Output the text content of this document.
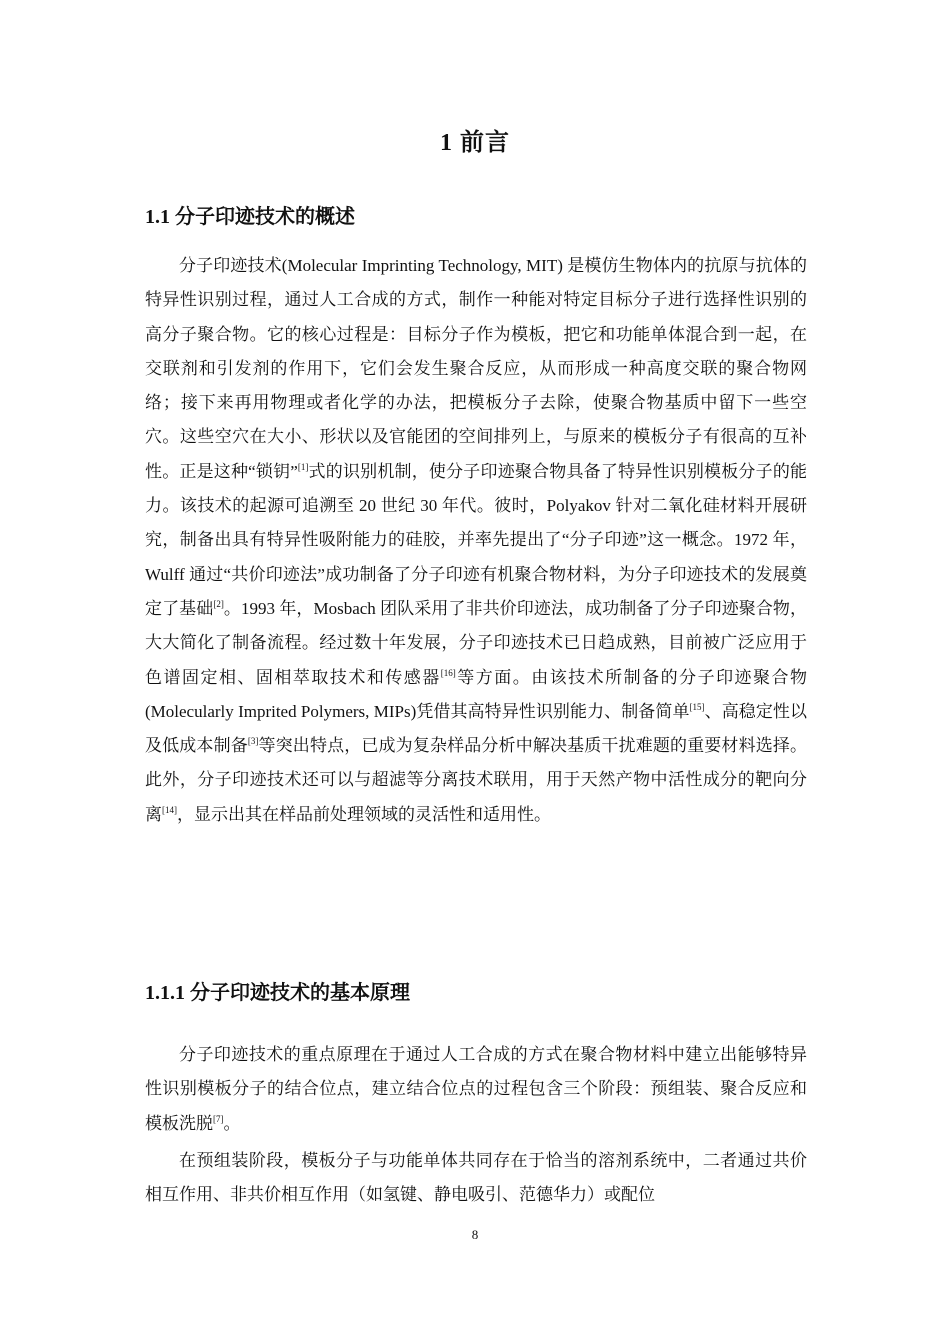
1 前言
1.1 分子印迹技术的概述

分子印迹技术(Molecular Imprinting Technology, MIT) 是模仿生物体内的抗原与抗体的特异性识别过程，通过人工合成的方式，制作一种能对特定目标分子进行选择性识别的高分子聚合物。它的核心过程是：目标分子作为模板，把它和功能单体混合到一起，在交联剂和引发剂的作用下，它们会发生聚合反应，从而形成一种高度交联的聚合物网络；接下来再用物理或者化学的办法，把模板分子去除，使聚合物基质中留下一些空穴。这些空穴在大小、形状以及官能团的空间排列上，与原来的模板分子有很高的互补性。正是这种“锁钥”[1]式的识别机制，使分子印迹聚合物具备了特异性识别模板分子的能力。该技术的起源可追溯至 20 世纪 30 年代。彼时，Polyakov 针对二氧化硅材料开展研究，制备出具有特异性吸附能力的硅胶，并率先提出了“分子印迹”这一概念。1972 年，Wulff 通过“共价印迹法”成功制备了分子印迹有机聚合物材料，为分子印迹技术的发展奠定了基础[2]。1993 年，Mosbach 团队采用了非共价印迹法，成功制备了分子印迹聚合物，大大简化了制备流程。经过数十年发展，分子印迹技术已日趋成熟，目前被广泛应用于色谱固定相、固相萃取技术和传感器[16]等方面。由该技术所制备的分子印迹聚合物(Molecularly Imprited Polymers, MIPs)凭借其高特异性识别能力、制备简单[15]、高稳定性以及低成本制备[3]等突出特点，已成为复杂样品分析中解决基质干扰难题的重要材料选择。此外，分子印迹技术还可以与超滤等分离技术联用，用于天然产物中活性成分的靶向分离[14]，显示出其在样品前处理领域的灵活性和适用性。

1.1.1 分子印迹技术的基本原理

分子印迹技术的重点原理在于通过人工合成的方式在聚合物材料中建立出能够特异性识别模板分子的结合位点，建立结合位点的过程包含三个阶段：预组装、聚合反应和模板洗脱[7]。

在预组装阶段，模板分子与功能单体共同存在于恰当的溶剂系统中，二者通过共价相互作用、非共价相互作用（如氢键、静电吸引、范德华力）或配位

8
